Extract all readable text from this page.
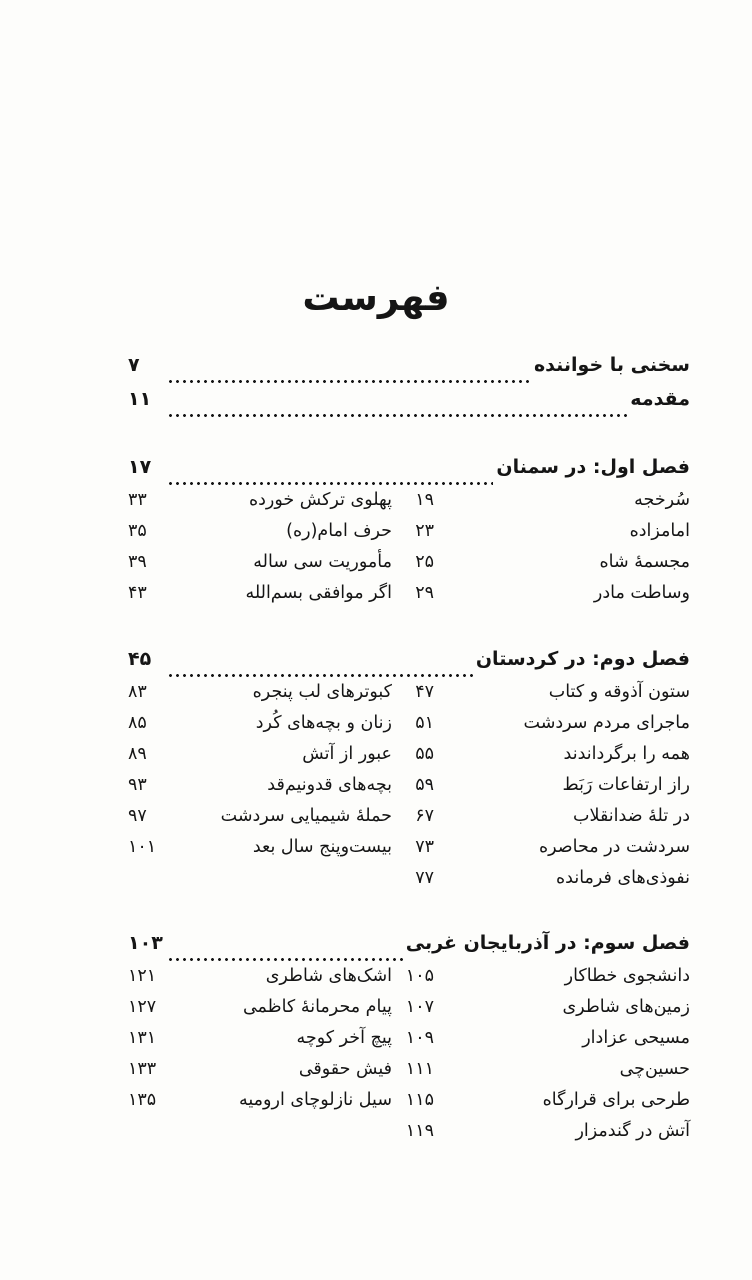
فهرست
سخنی با خواننده
۷
مقدمه
۱۱
فصل اول: در سمنان
۱۷
سُرخجه
۱۹
پهلوی ترکش خورده
۳۳
امامزاده
۲۳
حرف امام(ره)
۳۵
مجسمهٔ شاه
۲۵
مأموریت سی ساله
۳۹
وساطت مادر
۲۹
اگر موافقی بسم‌الله
۴۳
فصل دوم: در کردستان
۴۵
ستون آذوقه و کتاب
۴۷
کبوترهای لب پنجره
۸۳
ماجرای مردم سردشت
۵۱
زنان و بچه‌های کُرد
۸۵
همه را برگرداندند
۵۵
عبور از آتش
۸۹
راز ارتفاعات رَبَط
۵۹
بچه‌های قدونیم‌قد
۹۳
در تلهٔ ضدانقلاب
۶۷
حملهٔ شیمیایی سردشت
۹۷
سردشت در محاصره
۷۳
بیست‌وپنج سال بعد
۱۰۱
نفوذی‌های فرمانده
۷۷
فصل سوم: در آذربایجان غربی
۱۰۳
دانشجوی خطاکار
۱۰۵
اشک‌های شاطری
۱۲۱
زمین‌های شاطری
۱۰۷
پیام محرمانهٔ کاظمی
۱۲۷
مسیحی عزادار
۱۰۹
پیچ آخر کوچه
۱۳۱
حسین‌چی
۱۱۱
فیش حقوقی
۱۳۳
طرحی برای قرارگاه
۱۱۵
سیل نازلوچای ارومیه
۱۳۵
آتش در گندمزار
۱۱۹
